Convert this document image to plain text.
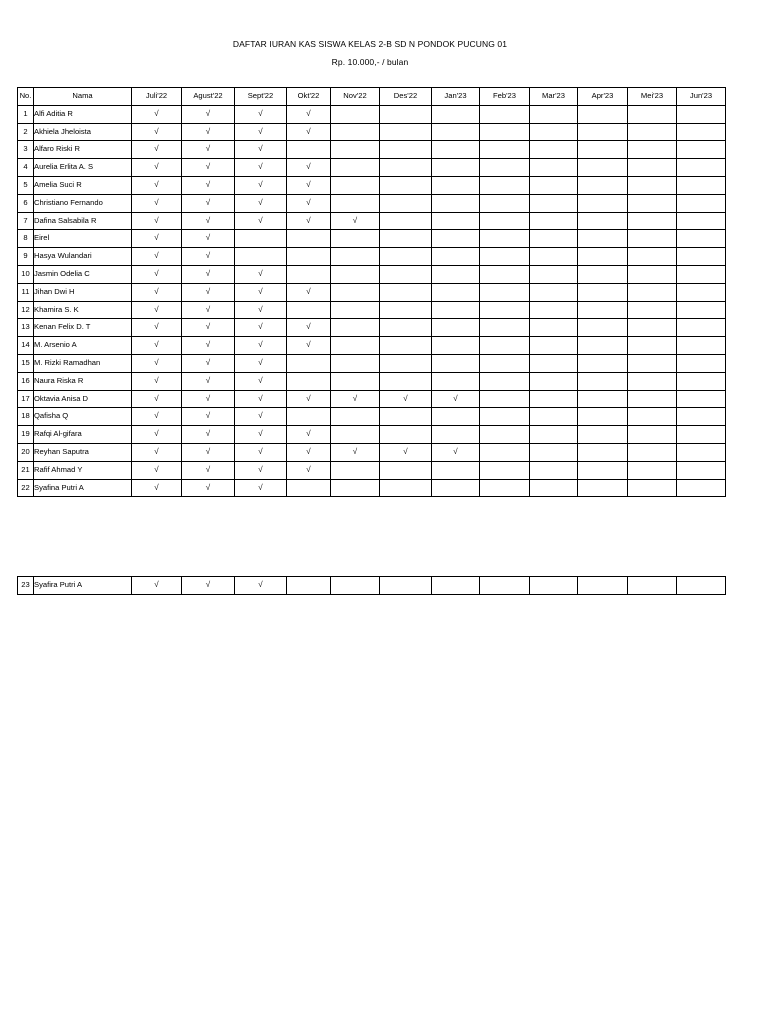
DAFTAR IURAN KAS SISWA KELAS 2-B SD N PONDOK PUCUNG 01
Rp. 10.000,- / bulan
No.	Nama	Juli'22	Agust'22	Sept'22	Okt'22	Nov'22	Des'22	Jan'23	Feb'23	Mar'23	Apr'23	Mei'23	Jun'23
1	Alfi Aditia R	√	√	√	√								
2	Akhiela Jheloista	√	√	√	√								
3	Alfaro Riski R	√	√	√									
4	Aurelia Erlita A. S	√	√	√	√								
5	Amelia Suci R	√	√	√	√								
6	Christiano Fernando	√	√	√	√								
7	Dafina Salsabila R	√	√	√	√	√							
8	Eirel	√	√										
9	Hasya Wulandari	√	√										
10	Jasmin Odelia C	√	√	√									
11	Jihan Dwi H	√	√	√	√								
12	Khamira S. K	√	√	√									
13	Kenan Felix D. T	√	√	√	√								
14	M. Arsenio A	√	√	√	√								
15	M. Rizki Ramadhan	√	√	√									
16	Naura Riska R	√	√	√									
17	Oktavia Anisa D	√	√	√	√	√	√	√					
18	Qafisha Q	√	√	√									
19	Rafqi Al-gifara	√	√	√	√								
20	Reyhan Saputra	√	√	√	√	√	√	√					
21	Rafif Ahmad Y	√	√	√	√								
22	Syafina Putri A	√	√	√									
23	Syafira Putri A	√	√	√									
